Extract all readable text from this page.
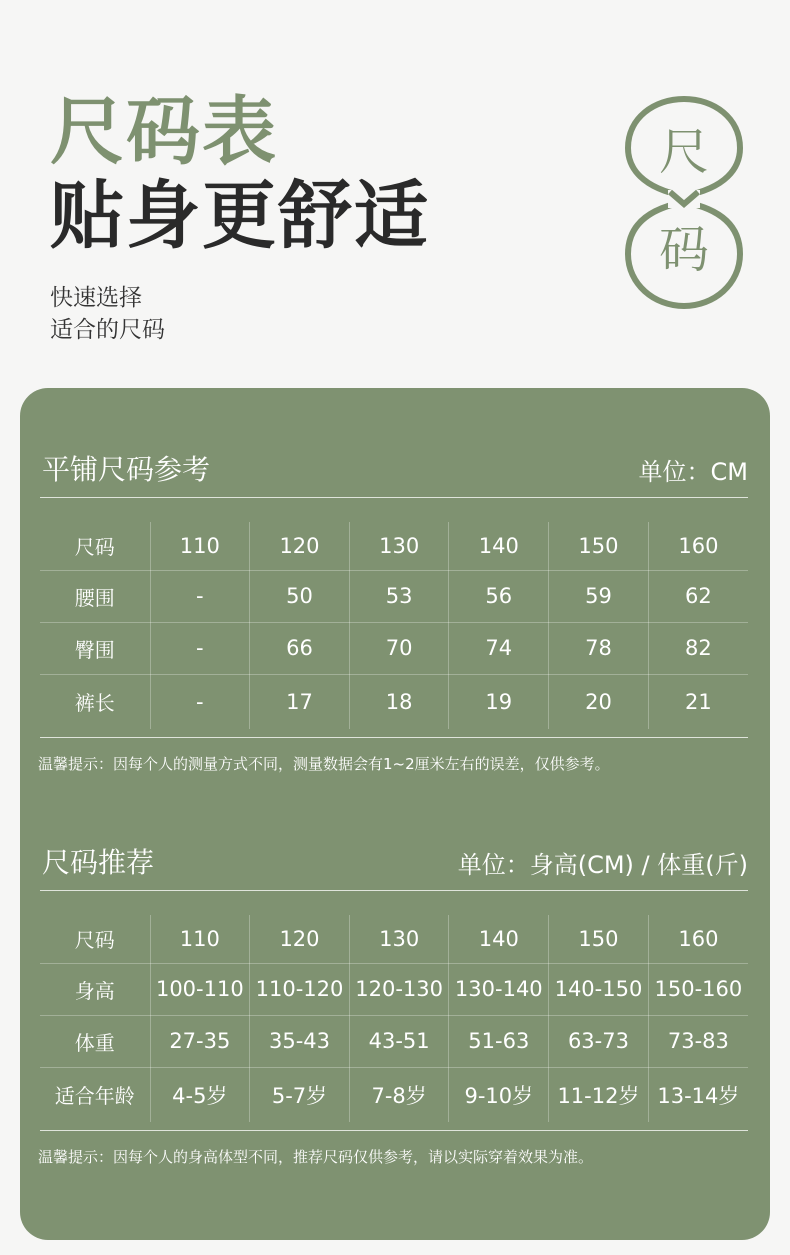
尺码表
贴身更舒适
快速选择
适合的尺码
尺
码
平铺尺码参考	单位：CM
尺码	110	120	130	140	150	160
腰围	-	50	53	56	59	62
臀围	-	66	70	74	78	82
裤长	-	17	18	19	20	21
温馨提示：因每个人的测量方式不同，测量数据会有1~2厘米左右的误差，仅供参考。
尺码推荐	单位：身高(CM) / 体重(斤)
尺码	110	120	130	140	150	160
身高	100-110	110-120	120-130	130-140	140-150	150-160
体重	27-35	35-43	43-51	51-63	63-73	73-83
适合年龄	4-5岁	5-7岁	7-8岁	9-10岁	11-12岁	13-14岁
温馨提示：因每个人的身高体型不同，推荐尺码仅供参考，请以实际穿着效果为准。
